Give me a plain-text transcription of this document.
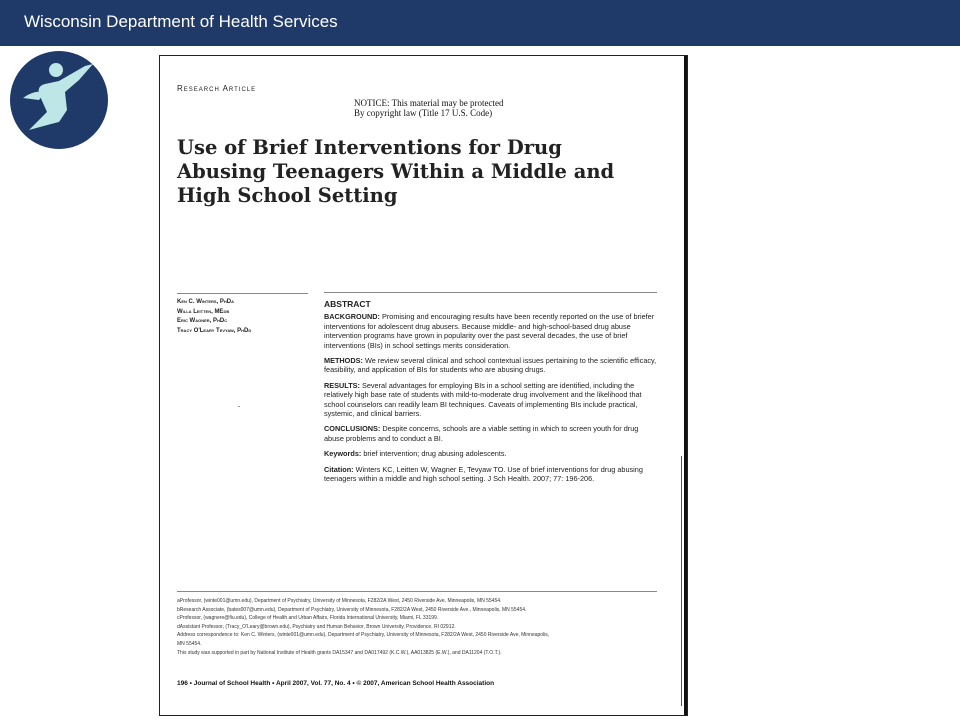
Wisconsin Department of Health Services
Research Article
NOTICE: This material may be protected
By copyright law (Title 17 U.S. Code)
Use of Brief Interventions for Drug Abusing Teenagers Within a Middle and High School Setting
Ken C. Winters, PhDa
Willa Leitten, MEdb
Eric Wagner, PhDc
Tracy O'Leary Tevyaw, PhDd
ABSTRACT

BACKGROUND: Promising and encouraging results have been recently reported on the use of briefer interventions for adolescent drug abusers. Because middle- and high-school-based drug abuse intervention programs have grown in popularity over the past several decades, the use of brief interventions (BIs) in school settings merits consideration.

METHODS: We review several clinical and school contextual issues pertaining to the scientific efficacy, feasibility, and application of BIs for students who are abusing drugs.

RESULTS: Several advantages for employing BIs in a school setting are identified, including the relatively high base rate of students with mild-to-moderate drug involvement and the likelihood that school counselors can readily learn BI techniques. Caveats of implementing BIs include practical, systemic, and clinical barriers.

CONCLUSIONS: Despite concerns, schools are a viable setting in which to screen youth for drug abuse problems and to conduct a BI.

Keywords: brief intervention; drug abusing adolescents.

Citation: Winters KC, Leitten W, Wagner E, Tevyaw TO. Use of brief interventions for drug abusing teenagers within a middle and high school setting. J Sch Health. 2007; 77: 196-206.

aProfessor, (winte001@umn.edu), Department of Psychiatry, University of Minnesota, F282/2A West, 2450 Riverside Ave, Minneapolis, MN 55454.
bResearch Associate, (bates007@umn.edu), Department of Psychiatry, University of Minnesota, F282/2A West, 2450 Riverside Ave., Minneapolis, MN 55454.
cProfessor, (wagnere@fiu.edu), College of Health and Urban Affairs, Florida International University, Miami, FL 33199.
dAssistant Professor, (Tracy_O'Leary@brown.edu), Psychiatry and Human Behavior, Brown University, Providence, RI 02912.
Address correspondence to: Ken C. Winters, (winte001@umn.edu), Department of Psychiatry, University of Minnesota, F282/2A West, 2450 Riverside Ave, Minneapolis,
MN 55454.
This study was supported in part by National Institute of Health grants DA15347 and DA017492 (K.C.W.), AA013825 (E.W.), and DA11204 (T.O.T.).
196 • Journal of School Health • April 2007, Vol. 77, No. 4 • © 2007, American School Health Association
